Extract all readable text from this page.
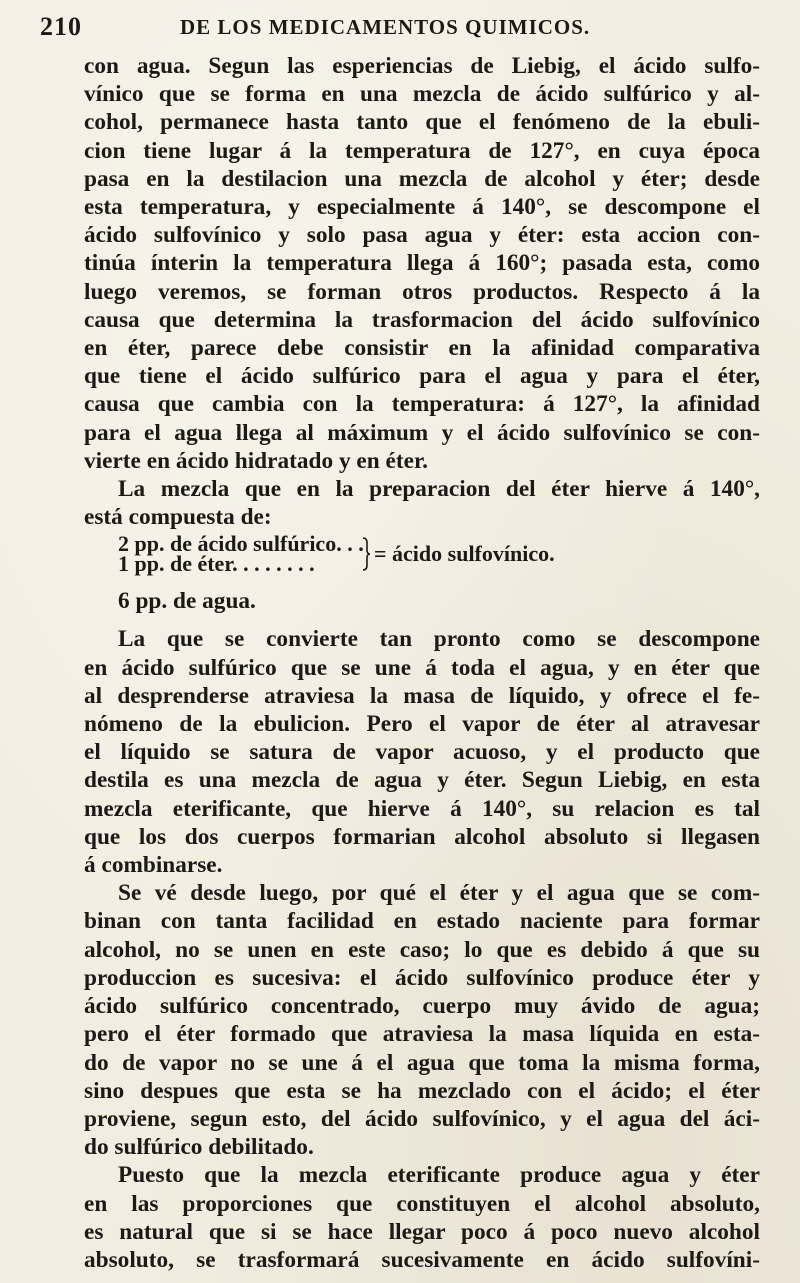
210	DE LOS MEDICAMENTOS QUIMICOS.
con agua. Segun las esperiencias de Liebig, el ácido sulfo-
vínico que se forma en una mezcla de ácido sulfúrico y al-
cohol, permanece hasta tanto que el fenómeno de la ebuli-
cion tiene lugar á la temperatura de 127°, en cuya época
pasa en la destilacion una mezcla de alcohol y éter; desde
esta temperatura, y especialmente á 140°, se descompone el
ácido sulfovínico y solo pasa agua y éter: esta accion con-
tinúa ínterin la temperatura llega á 160°; pasada esta, como
luego veremos, se forman otros productos. Respecto á la
causa que determina la trasformacion del ácido sulfovínico
en éter, parece debe consistir en la afinidad comparativa
que tiene el ácido sulfúrico para el agua y para el éter,
causa que cambia con la temperatura: á 127°, la afinidad
para el agua llega al máximum y el ácido sulfovínico se con-
vierte en ácido hidratado y en éter.
La mezcla que en la preparacion del éter hierve á 140°,
está compuesta de:
2 pp. de ácido sulfúrico. . .
1 pp. de éter. . . . . . . .	= ácido sulfovínico.
6 pp. de agua.
La que se convierte tan pronto como se descompone
en ácido sulfúrico que se une á toda el agua, y en éter que
al desprenderse atraviesa la masa de líquido, y ofrece el fe-
nómeno de la ebulicion. Pero el vapor de éter al atravesar
el líquido se satura de vapor acuoso, y el producto que
destila es una mezcla de agua y éter. Segun Liebig, en esta
mezcla eterificante, que hierve á 140°, su relacion es tal
que los dos cuerpos formarian alcohol absoluto si llegasen
á combinarse.
Se vé desde luego, por qué el éter y el agua que se com-
binan con tanta facilidad en estado naciente para formar
alcohol, no se unen en este caso; lo que es debido á que su
produccion es sucesiva: el ácido sulfovínico produce éter y
ácido sulfúrico concentrado, cuerpo muy ávido de agua;
pero el éter formado que atraviesa la masa líquida en esta-
do de vapor no se une á el agua que toma la misma forma,
sino despues que esta se ha mezclado con el ácido; el éter
proviene, segun esto, del ácido sulfovínico, y el agua del áci-
do sulfúrico debilitado.
Puesto que la mezcla eterificante produce agua y éter
en las proporciones que constituyen el alcohol absoluto,
es natural que si se hace llegar poco á poco nuevo alcohol
absoluto, se trasformará sucesivamente en ácido sulfovíni-
